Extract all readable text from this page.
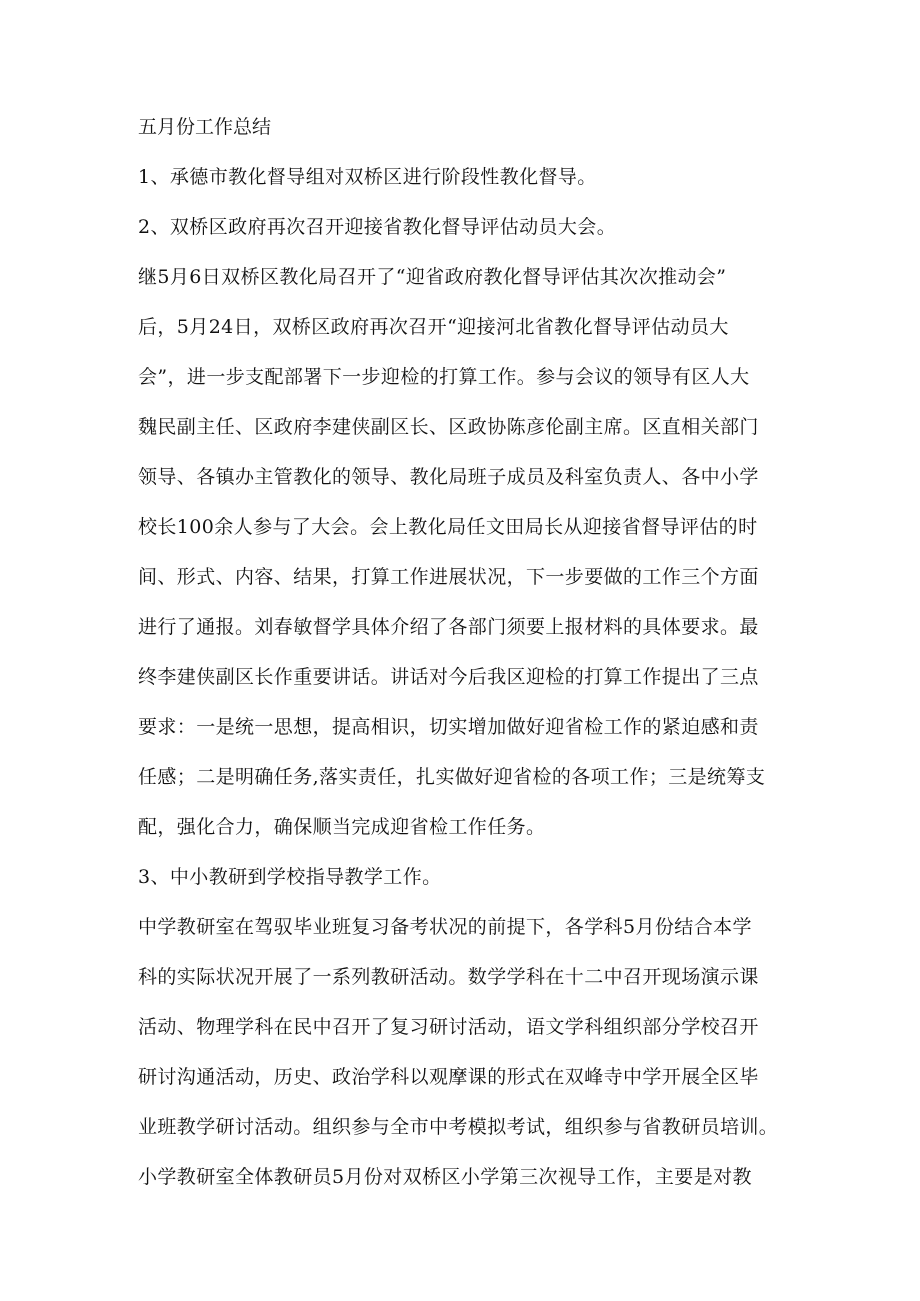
五月份工作总结
1、承德市教化督导组对双桥区进行阶段性教化督导。
2、双桥区政府再次召开迎接省教化督导评估动员大会。
继5月6日双桥区教化局召开了“迎省政府教化督导评估其次次推动会”
后，5月24日，双桥区政府再次召开“迎接河北省教化督导评估动员大
会”，进一步支配部署下一步迎检的打算工作。参与会议的领导有区人大
魏民副主任、区政府李建侠副区长、区政协陈彦伦副主席。区直相关部门
领导、各镇办主管教化的领导、教化局班子成员及科室负责人、各中小学
校长100余人参与了大会。会上教化局任文田局长从迎接省督导评估的时
间、形式、内容、结果，打算工作进展状况，下一步要做的工作三个方面
进行了通报。刘春敏督学具体介绍了各部门须要上报材料的具体要求。最
终李建侠副区长作重要讲话。讲话对今后我区迎检的打算工作提出了三点
要求：一是统一思想，提高相识，切实增加做好迎省检工作的紧迫感和责
任感；二是明确任务,落实责任，扎实做好迎省检的各项工作；三是统筹支
配，强化合力，确保顺当完成迎省检工作任务。
3、中小教研到学校指导教学工作。
中学教研室在驾驭毕业班复习备考状况的前提下，各学科5月份结合本学
科的实际状况开展了一系列教研活动。数学学科在十二中召开现场演示课
活动、物理学科在民中召开了复习研讨活动，语文学科组织部分学校召开
研讨沟通活动，历史、政治学科以观摩课的形式在双峰寺中学开展全区毕
业班教学研讨活动。组织参与全市中考模拟考试，组织参与省教研员培训。
小学教研室全体教研员5月份对双桥区小学第三次视导工作，主要是对教
